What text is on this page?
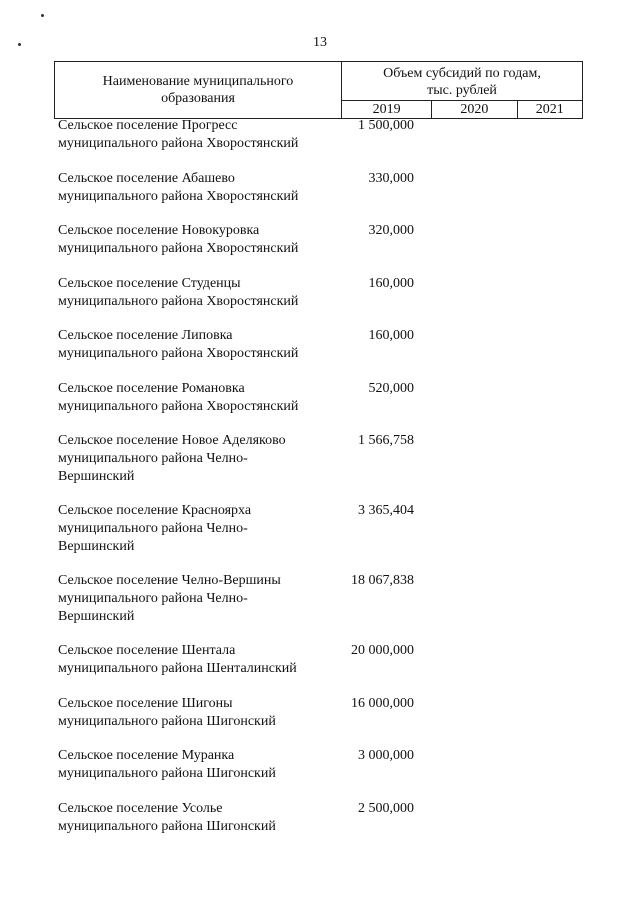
13
Наименование муниципального
образования
Объем субсидий по годам,
тыс. рублей
2019	2020	2021
Сельское поселение Прогресс
муниципального района Хворостянский
1 500,000
Сельское поселение Абашево
муниципального района Хворостянский
330,000
Сельское поселение Новокуровка
муниципального района Хворостянский
320,000
Сельское поселение Студенцы
муниципального района Хворостянский
160,000
Сельское поселение Липовка
муниципального района Хворостянский
160,000
Сельское поселение Романовка
муниципального района Хворостянский
520,000
Сельское поселение Новое Аделяково
муниципального района Челно-
Вершинский
1 566,758
Сельское поселение Красноярха
муниципального района Челно-
Вершинский
3 365,404
Сельское поселение Челно-Вершины
муниципального района Челно-
Вершинский
18 067,838
Сельское поселение Шентала
муниципального района Шенталинский
20 000,000
Сельское поселение Шигоны
муниципального района Шигонский
16 000,000
Сельское поселение Муранка
муниципального района Шигонский
3 000,000
Сельское поселение Усолье
муниципального района Шигонский
2 500,000
